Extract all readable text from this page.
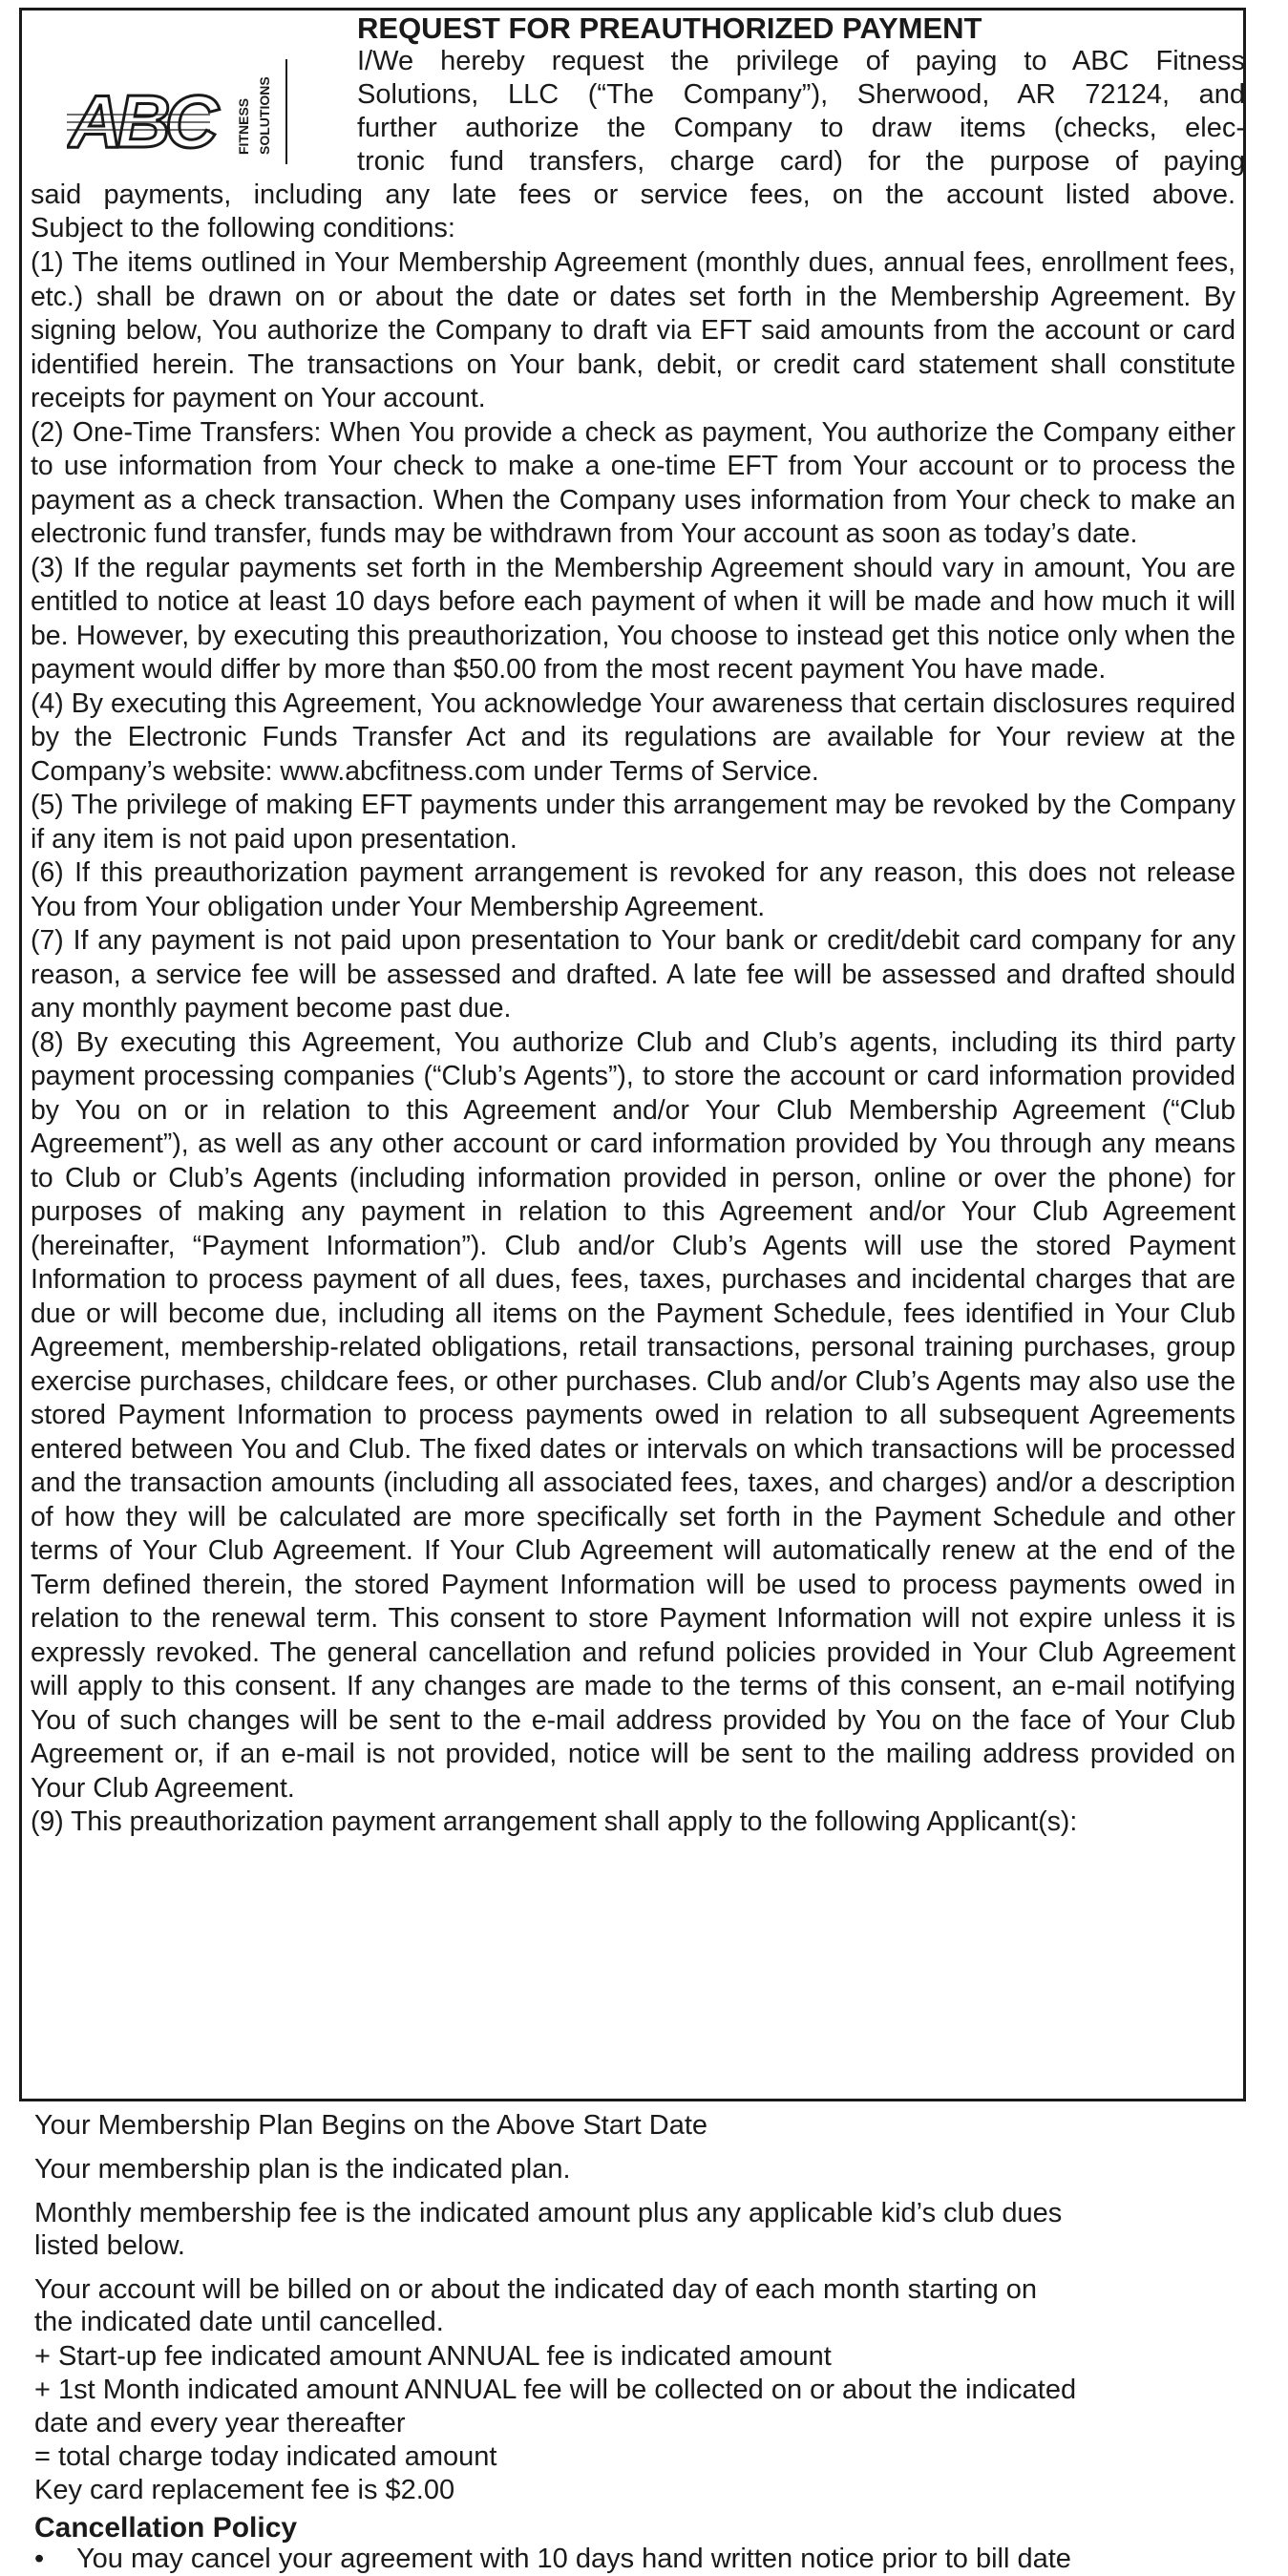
ABC	FITNESS SOLUTIONS
REQUEST FOR PREAUTHORIZED PAYMENT
I/We hereby request the privilege of paying to ABC Fitness
Solutions, LLC (“The Company”), Sherwood, AR 72124, and
further authorize the Company to draw items (checks, elec-
tronic fund transfers, charge card) for the purpose of paying
said payments, including any late fees or service fees, on the account listed above.
Subject to the following conditions:
(1) The items outlined in Your Membership Agreement (monthly dues, annual fees, enrollment fees, etc.) shall be drawn on or about the date or dates set forth in the Membership Agreement. By signing below, You authorize the Company to draft via EFT said amounts from the account or card identified herein. The transactions on Your bank, debit, or credit card statement shall constitute receipts for payment on Your account.
(2) One-Time Transfers: When You provide a check as payment, You authorize the Company either to use information from Your check to make a one-time EFT from Your account or to process the payment as a check transaction. When the Company uses information from Your check to make an electronic fund transfer, funds may be withdrawn from Your account as soon as today’s date.
(3) If the regular payments set forth in the Membership Agreement should vary in amount, You are entitled to notice at least 10 days before each payment of when it will be made and how much it will be. However, by executing this preauthorization, You choose to instead get this notice only when the payment would differ by more than $50.00 from the most recent payment You have made.
(4) By executing this Agreement, You acknowledge Your awareness that certain disclosures required by the Electronic Funds Transfer Act and its regulations are available for Your review at the Company’s website: www.abcfitness.com under Terms of Service.
(5) The privilege of making EFT payments under this arrangement may be revoked by the Company if any item is not paid upon presentation.
(6) If this preauthorization payment arrangement is revoked for any reason, this does not release You from Your obligation under Your Membership Agreement.
(7) If any payment is not paid upon presentation to Your bank or credit/debit card company for any reason, a service fee will be assessed and drafted. A late fee will be assessed and drafted should any monthly payment become past due.
(8) By executing this Agreement, You authorize Club and Club’s agents, including its third party payment processing companies (“Club’s Agents”), to store the account or card information provided by You on or in relation to this Agreement and/or Your Club Membership Agreement (“Club Agreement”), as well as any other account or card information provided by You through any means to Club or Club’s Agents (including information provided in person, online or over the phone) for purposes of making any payment in relation to this Agreement and/or Your Club Agreement (hereinafter, “Payment Information”). Club and/or Club’s Agents will use the stored Payment Information to process payment of all dues, fees, taxes, purchases and incidental charges that are due or will become due, including all items on the Payment Schedule, fees identified in Your Club Agreement, membership-related obligations, retail transactions, personal training purchases, group exercise purchases, childcare fees, or other purchases. Club and/or Club’s Agents may also use the stored Payment Information to process payments owed in relation to all subsequent Agreements entered between You and Club. The fixed dates or intervals on which transactions will be processed and the transaction amounts (including all associated fees, taxes, and charges) and/or a description of how they will be calculated are more specifically set forth in the Payment Schedule and other terms of Your Club Agreement. If Your Club Agreement will automatically renew at the end of the Term defined therein, the stored Payment Information will be used to process payments owed in relation to the renewal term. This consent to store Payment Information will not expire unless it is expressly revoked. The general cancellation and refund policies provided in Your Club Agreement will apply to this consent. If any changes are made to the terms of this consent, an e-mail notifying You of such changes will be sent to the e-mail address provided by You on the face of Your Club Agreement or, if an e-mail is not provided, notice will be sent to the mailing address provided on Your Club Agreement.
(9) This preauthorization payment arrangement shall apply to the following Applicant(s):
Your Membership Plan Begins on the Above Start Date
Your membership plan is the indicated plan.
Monthly membership fee is the indicated amount plus any applicable kid’s club dues
listed below.
Your account will be billed on or about the indicated day of each month starting on
the indicated date until cancelled.
+ Start-up fee indicated amount ANNUAL fee is indicated amount
+ 1st Month indicated amount ANNUAL fee will be collected on or about the indicated
date and every year thereafter
= total charge today indicated amount
Key card replacement fee is $2.00
Cancellation Policy
• You may cancel your agreement with 10 days hand written notice prior to bill date
